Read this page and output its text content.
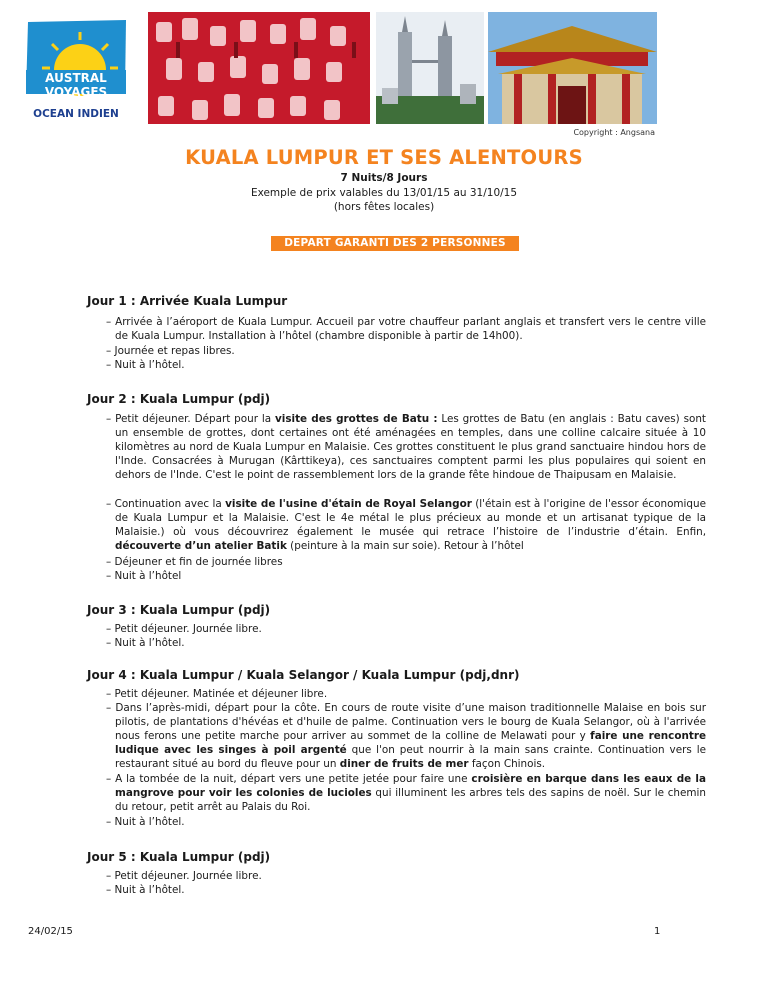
AUSTRAL
VOYAGES
OCEAN INDIEN
Copyright : Angsana
KUALA LUMPUR ET SES ALENTOURS
7 Nuits/8 Jours
Exemple de prix valables du 13/01/15 au 31/10/15
(hors fêtes locales)
DEPART GARANTI DES 2 PERSONNES
Jour 1 : Arrivée Kuala Lumpur
– Arrivée à l’aéroport de Kuala Lumpur. Accueil par votre chauffeur parlant anglais et transfert vers le centre ville de Kuala Lumpur. Installation à l’hôtel (chambre disponible à partir de 14h00).
– Journée et repas libres.
– Nuit à l’hôtel.
Jour 2 : Kuala Lumpur (pdj)
– Petit déjeuner. Départ pour la visite des grottes de Batu : Les grottes de Batu (en anglais : Batu caves) sont un ensemble de grottes, dont certaines ont été aménagées en temples, dans une colline calcaire située à 10 kilomètres au nord de Kuala Lumpur en Malaisie. Ces grottes constituent le plus grand sanctuaire hindou hors de l'Inde. Consacrées à Murugan (Kârttikeya), ces sanctuaires comptent parmi les plus populaires qui soient en dehors de l'Inde. C'est le point de rassemblement lors de la grande fête hindoue de Thaipusam en Malaisie.
– Continuation avec la visite de l'usine d'étain de Royal Selangor (l'étain est à l'origine de l'essor économique de Kuala Lumpur et la Malaisie. C'est le 4e métal le plus précieux au monde et un artisanat typique de la Malaisie.) où vous découvrirez également le musée qui retrace l’histoire de l’industrie d’étain. Enfin, découverte d’un atelier Batik (peinture à la main sur soie). Retour à l’hôtel
– Déjeuner et fin de journée libres
– Nuit à l’hôtel
Jour 3 : Kuala Lumpur (pdj)
– Petit déjeuner. Journée libre.
– Nuit à l’hôtel.
Jour 4 : Kuala Lumpur / Kuala Selangor / Kuala Lumpur (pdj,dnr)
– Petit déjeuner. Matinée et déjeuner libre.
– Dans l’après-midi, départ pour la côte. En cours de route visite d’une maison traditionnelle Malaise en bois sur pilotis, de plantations d'hévéas et d'huile de palme. Continuation vers le bourg de Kuala Selangor, où à l'arrivée nous ferons une petite marche pour arriver au sommet de la colline de Melawati pour y faire une rencontre ludique avec les singes à poil argenté que l'on peut nourrir à la main sans crainte. Continuation vers le restaurant situé au bord du fleuve pour un diner de fruits de mer façon Chinois.
– A la tombée de la nuit, départ vers une petite jetée pour faire une croisière en barque dans les eaux de la mangrove pour voir les colonies de lucioles qui illuminent les arbres tels des sapins de noël. Sur le chemin du retour, petit arrêt au Palais du Roi.
– Nuit à l’hôtel.
Jour 5 : Kuala Lumpur (pdj)
– Petit déjeuner. Journée libre.
– Nuit à l’hôtel.
24/02/15	1
